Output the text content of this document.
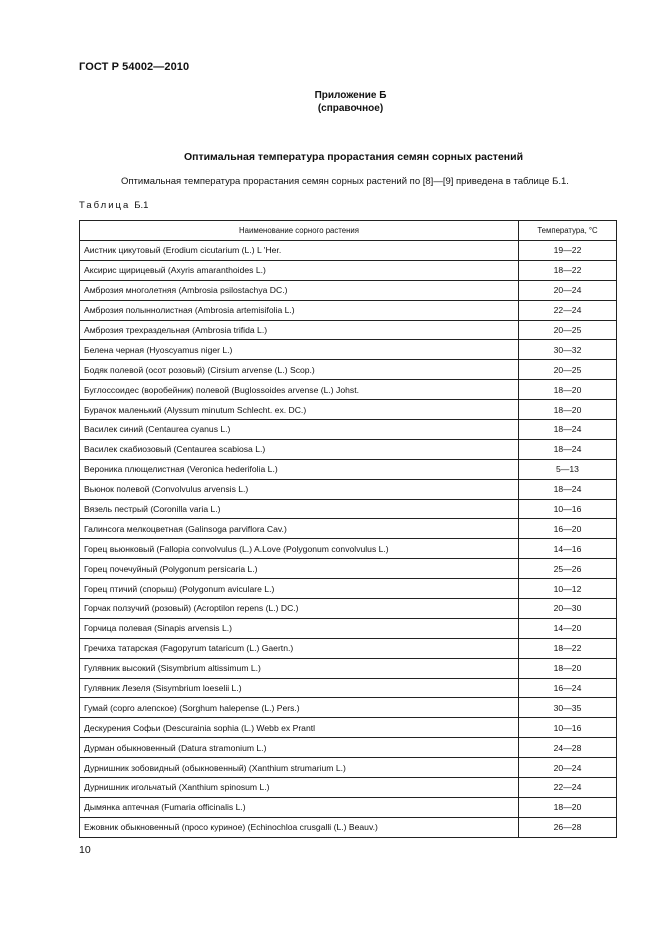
ГОСТ Р 54002—2010
Приложение Б
(справочное)
Оптимальная температура прорастания семян сорных растений
Оптимальная температура прорастания семян сорных растений по [8]—[9] приведена в таблице Б.1.
Таблица Б.1
Наименование сорного растения	Температура, °С
Аистник цикутовый (Erodium cicutarium (L.) L 'Her.	19—22
Аксирис щирицевый (Axyris amaranthoides L.)	18—22
Амброзия многолетняя (Ambrosia psilostachya DC.)	20—24
Амброзия полыннолистная (Ambrosia artemisifolia L.)	22—24
Амброзия трехраздельная (Ambrosia trifida L.)	20—25
Белена черная (Hyoscyamus niger L.)	30—32
Бодяк полевой (осот розовый) (Cirsium arvense (L.) Scop.)	20—25
Буглоссоидес (воробейник) полевой (Buglossoides arvense (L.) Johst.	18—20
Бурачок маленький (Alyssum minutum Schlecht. ex. DC.)	18—20
Василек синий (Centaurea cyanus L.)	18—24
Василек скабиозовый (Centaurea scabiosa L.)	18—24
Вероника плющелистная (Veronica hederifolia L.)	5—13
Вьюнок полевой (Convolvulus arvensis L.)	18—24
Вязель пестрый (Coronilla varia L.)	10—16
Галинсога мелкоцветная (Galinsoga parviflora Cav.)	16—20
Горец вьюнковый (Fallopia convolvulus (L.) A.Love (Polygonum convolvulus L.)	14—16
Горец почечуйный (Polygonum persicaria L.)	25—26
Горец птичий (спорыш) (Polygonum aviculare L.)	10—12
Горчак ползучий (розовый) (Acroptilon repens (L.) DC.)	20—30
Горчица полевая (Sinapis arvensis L.)	14—20
Гречиха татарская (Fagopyrum tataricum (L.) Gaertn.)	18—22
Гулявник высокий (Sisymbrium altissimum L.)	18—20
Гулявник Лезеля (Sisymbrium loeselii L.)	16—24
Гумай (сорго алепское) (Sorghum halepense (L.) Pers.)	30—35
Дескурения Софьи (Descurainia sophia (L.) Webb ex Prantl	10—16
Дурман обыкновенный (Datura stramonium L.)	24—28
Дурнишник зобовидный (обыкновенный) (Xanthium strumarium L.)	20—24
Дурнишник игольчатый (Xanthium spinosum L.)	22—24
Дымянка аптечная (Fumaria officinalis L.)	18—20
Ежовник обыкновенный (просо куриное) (Echinochloa crusgalli (L.) Beauv.)	26—28
10
